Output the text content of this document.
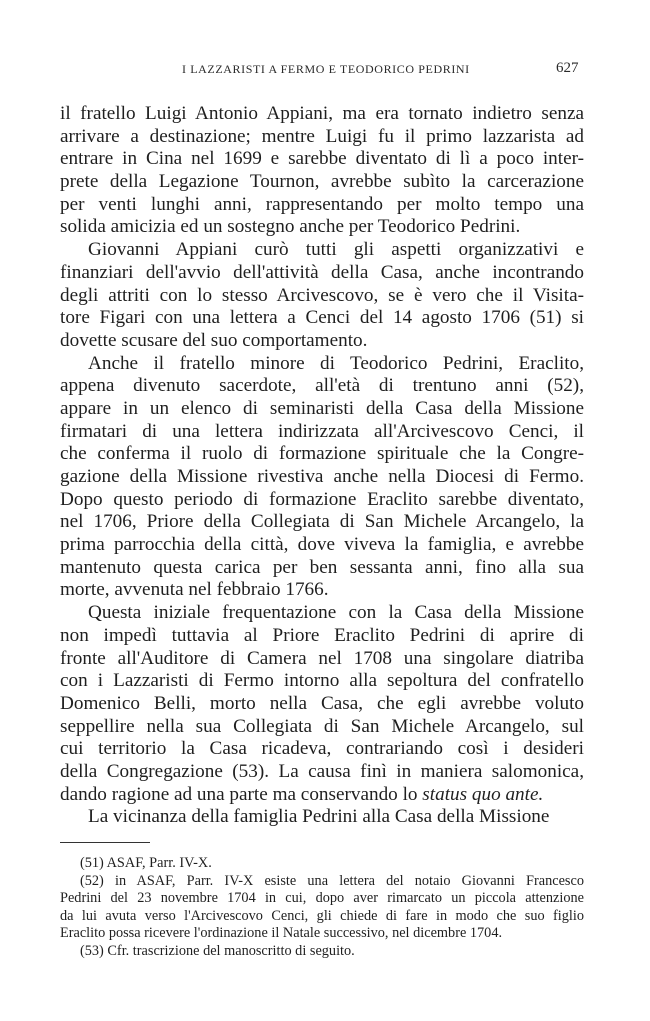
I LAZZARISTI A FERMO E TEODORICO PEDRINI	627
il fratello Luigi Antonio Appiani, ma era tornato indietro senza
arrivare a destinazione; mentre Luigi fu il primo lazzarista ad
entrare in Cina nel 1699 e sarebbe diventato di lì a poco inter-
prete della Legazione Tournon, avrebbe subìto la carcerazione
per venti lunghi anni, rappresentando per molto tempo una
solida amicizia ed un sostegno anche per Teodorico Pedrini.
Giovanni Appiani curò tutti gli aspetti organizzativi e
finanziari dell'avvio dell'attività della Casa, anche incontrando
degli attriti con lo stesso Arcivescovo, se è vero che il Visita-
tore Figari con una lettera a Cenci del 14 agosto 1706 (51) si
dovette scusare del suo comportamento.
Anche il fratello minore di Teodorico Pedrini, Eraclito,
appena divenuto sacerdote, all'età di trentuno anni (52),
appare in un elenco di seminaristi della Casa della Missione
firmatari di una lettera indirizzata all'Arcivescovo Cenci, il
che conferma il ruolo di formazione spirituale che la Congre-
gazione della Missione rivestiva anche nella Diocesi di Fermo.
Dopo questo periodo di formazione Eraclito sarebbe diventato,
nel 1706, Priore della Collegiata di San Michele Arcangelo, la
prima parrocchia della città, dove viveva la famiglia, e avrebbe
mantenuto questa carica per ben sessanta anni, fino alla sua
morte, avvenuta nel febbraio 1766.
Questa iniziale frequentazione con la Casa della Missione
non impedì tuttavia al Priore Eraclito Pedrini di aprire di
fronte all'Auditore di Camera nel 1708 una singolare diatriba
con i Lazzaristi di Fermo intorno alla sepoltura del confratello
Domenico Belli, morto nella Casa, che egli avrebbe voluto
seppellire nella sua Collegiata di San Michele Arcangelo, sul
cui territorio la Casa ricadeva, contrariando così i desideri
della Congregazione (53). La causa finì in maniera salomonica,
dando ragione ad una parte ma conservando lo status quo ante.
La vicinanza della famiglia Pedrini alla Casa della Missione
(51) ASAF, Parr. IV-X.
(52) in ASAF, Parr. IV-X esiste una lettera del notaio Giovanni Francesco
Pedrini del 23 novembre 1704 in cui, dopo aver rimarcato un piccola attenzione
da lui avuta verso l'Arcivescovo Cenci, gli chiede di fare in modo che suo figlio
Eraclito possa ricevere l'ordinazione il Natale successivo, nel dicembre 1704.
(53) Cfr. trascrizione del manoscritto di seguito.
